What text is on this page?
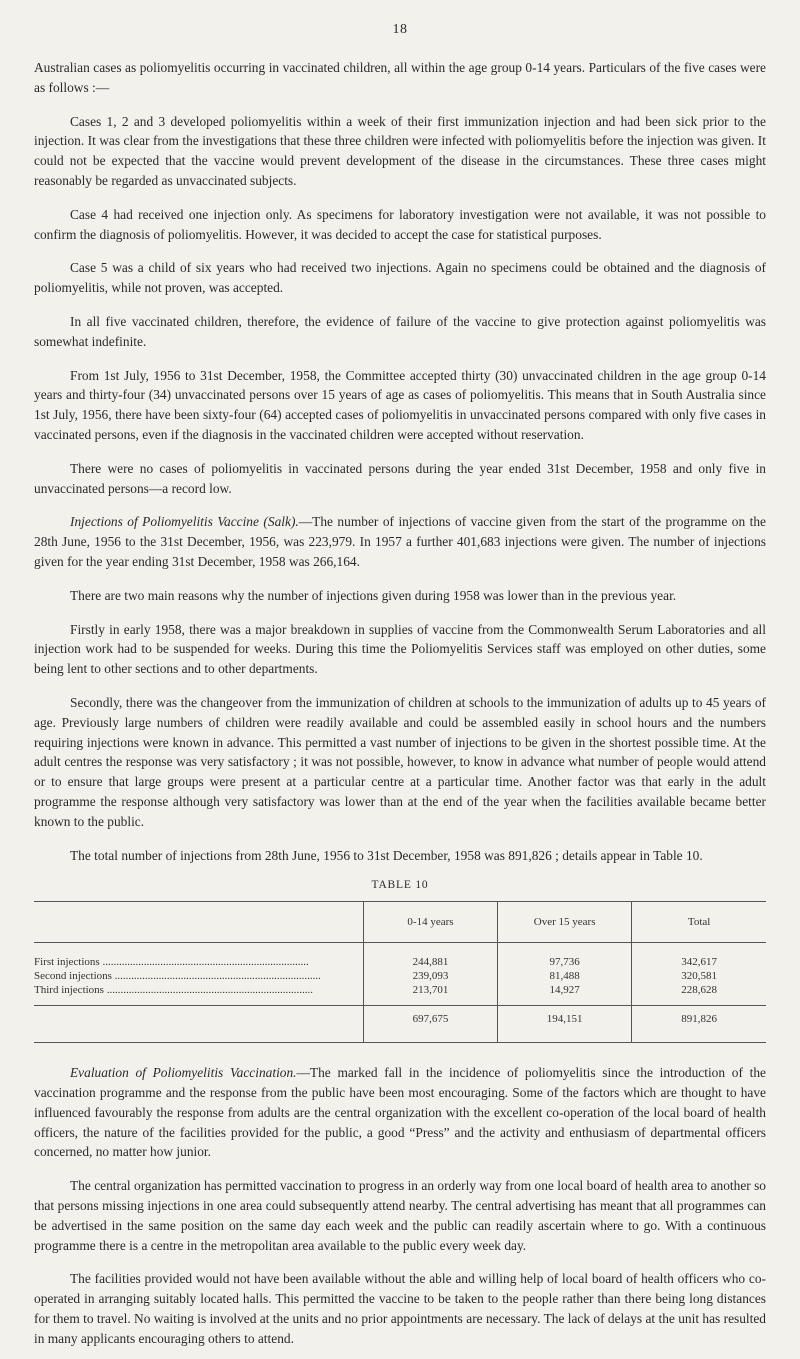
18

Australian cases as poliomyelitis occurring in vaccinated children, all within the age group 0-14 years. Particulars of the five cases were as follows :—

Cases 1, 2 and 3 developed poliomyelitis within a week of their first immunization injection and had been sick prior to the injection. It was clear from the investigations that these three children were infected with poliomyelitis before the injection was given. It could not be expected that the vaccine would prevent development of the disease in the circumstances. These three cases might reasonably be regarded as unvaccinated subjects.

Case 4 had received one injection only. As specimens for laboratory investigation were not available, it was not possible to confirm the diagnosis of poliomyelitis. However, it was decided to accept the case for statistical purposes.

Case 5 was a child of six years who had received two injections. Again no specimens could be obtained and the diagnosis of poliomyelitis, while not proven, was accepted.

In all five vaccinated children, therefore, the evidence of failure of the vaccine to give protection against poliomyelitis was somewhat indefinite.

From 1st July, 1956 to 31st December, 1958, the Committee accepted thirty (30) unvaccinated children in the age group 0-14 years and thirty-four (34) unvaccinated persons over 15 years of age as cases of poliomyelitis. This means that in South Australia since 1st July, 1956, there have been sixty-four (64) accepted cases of poliomyelitis in unvaccinated persons compared with only five cases in vaccinated persons, even if the diagnosis in the vaccinated children were accepted without reservation.

There were no cases of poliomyelitis in vaccinated persons during the year ended 31st December, 1958 and only five in unvaccinated persons—a record low.

Injections of Poliomyelitis Vaccine (Salk).—The number of injections of vaccine given from the start of the programme on the 28th June, 1956 to the 31st December, 1956, was 223,979. In 1957 a further 401,683 injections were given. The number of injections given for the year ending 31st December, 1958 was 266,164.

There are two main reasons why the number of injections given during 1958 was lower than in the previous year.

Firstly in early 1958, there was a major breakdown in supplies of vaccine from the Commonwealth Serum Laboratories and all injection work had to be suspended for weeks. During this time the Poliomyelitis Services staff was employed on other duties, some being lent to other sections and to other departments.

Secondly, there was the changeover from the immunization of children at schools to the immunization of adults up to 45 years of age. Previously large numbers of children were readily available and could be assembled easily in school hours and the numbers requiring injections were known in advance. This permitted a vast number of injections to be given in the shortest possible time. At the adult centres the response was very satisfactory ; it was not possible, however, to know in advance what number of people would attend or to ensure that large groups were present at a particular centre at a particular time. Another factor was that early in the adult programme the response although very satisfactory was lower than at the end of the year when the facilities available became better known to the public.

The total number of injections from 28th June, 1956 to 31st December, 1958 was 891,826 ; details appear in Table 10.

TABLE 10
	0-14 years	Over 15 years	Total
First injections ...........................................................................	244,881	97,736	342,617
Second injections ...........................................................................	239,093	81,488	320,581
Third injections ...........................................................................	213,701	14,927	228,628
	697,675	194,151	891,826

Evaluation of Poliomyelitis Vaccination.—The marked fall in the incidence of poliomyelitis since the introduction of the vaccination programme and the response from the public have been most encouraging. Some of the factors which are thought to have influenced favourably the response from adults are the central organization with the excellent co-operation of the local board of health officers, the nature of the facilities provided for the public, a good “Press” and the activity and enthusiasm of departmental officers concerned, no matter how junior.

The central organization has permitted vaccination to progress in an orderly way from one local board of health area to another so that persons missing injections in one area could subsequently attend nearby. The central advertising has meant that all programmes can be advertised in the same position on the same day each week and the public can readily ascertain where to go. With a continuous programme there is a centre in the metropolitan area available to the public every week day.

The facilities provided would not have been available without the able and willing help of local board of health officers who co-operated in arranging suitably located halls. This permitted the vaccine to be taken to the people rather than there being long distances for them to travel. No waiting is involved at the units and no prior appointments are necessary. The lack of delays at the unit has resulted in many applicants encouraging others to attend.
